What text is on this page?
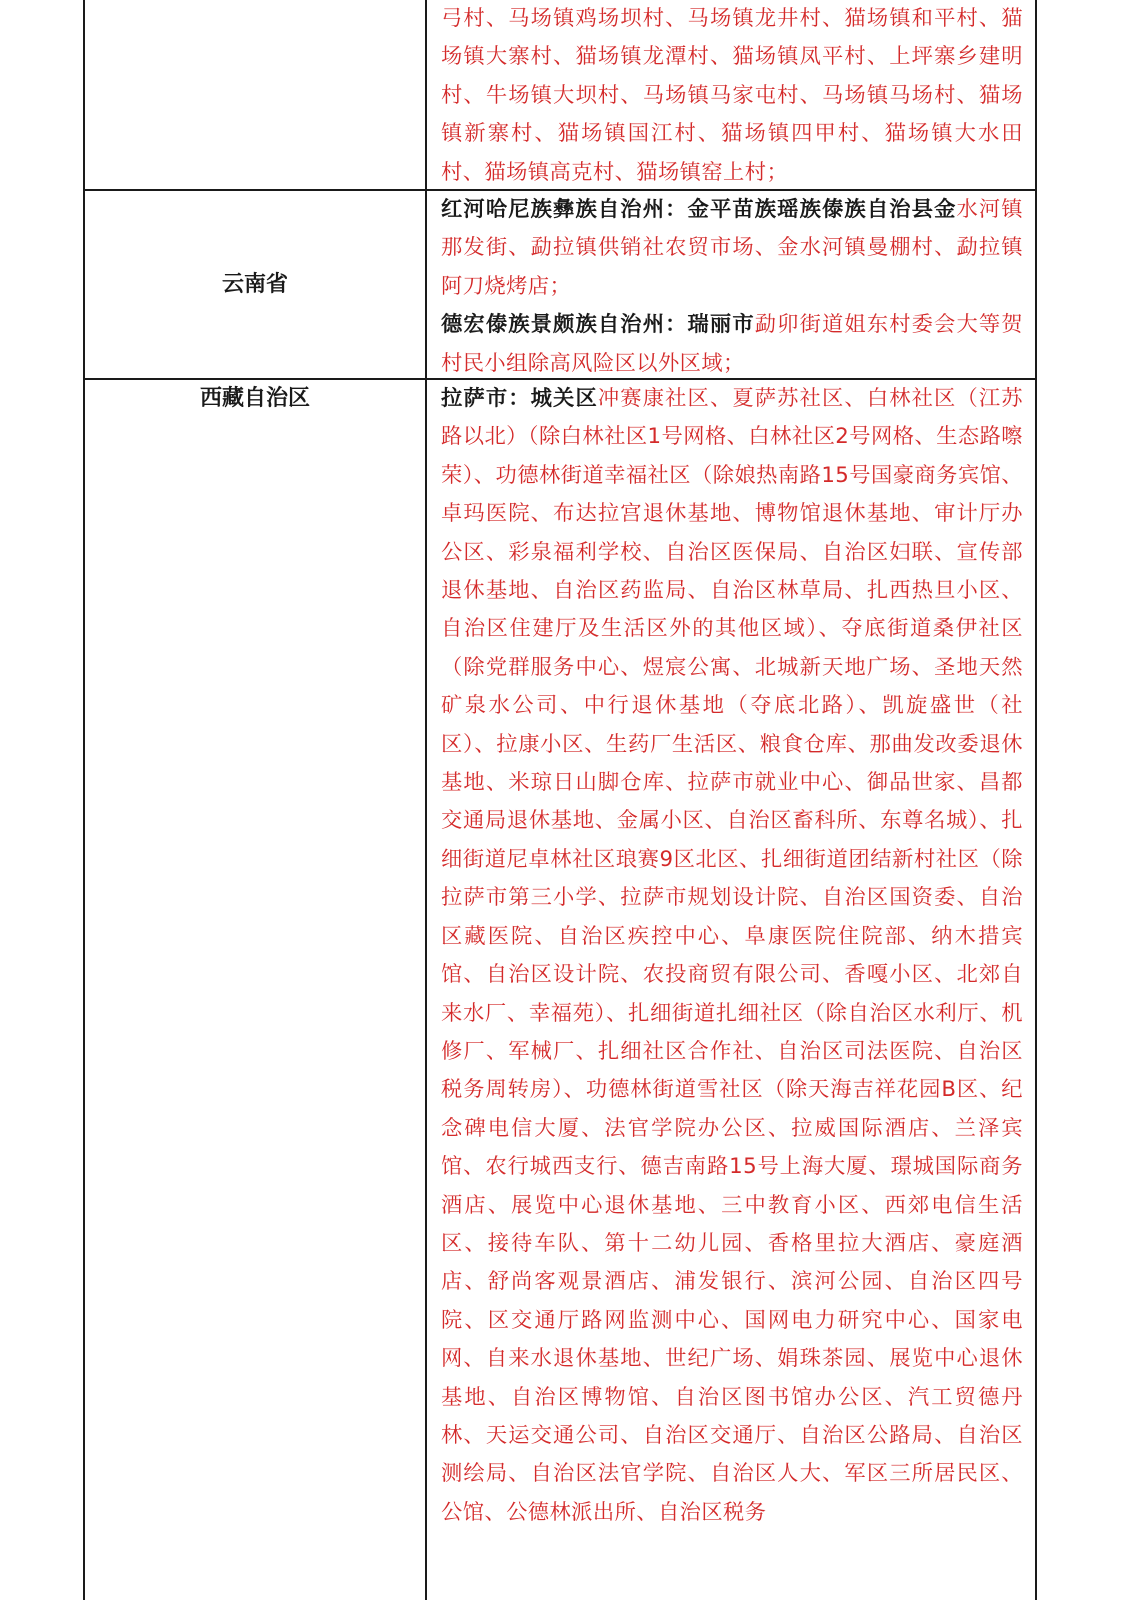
弓村、马场镇鸡场坝村、马场镇龙井村、猫场镇和平村、猫场镇大寨村、猫场镇龙潭村、猫场镇凤平村、上坪寨乡建明村、牛场镇大坝村、马场镇马家屯村、马场镇马场村、猫场镇新寨村、猫场镇国江村、猫场镇四甲村、猫场镇大水田村、猫场镇高克村、猫场镇窑上村；

云南省

红河哈尼族彝族自治州：金平苗族瑶族傣族自治县金水河镇那发街、勐拉镇供销社农贸市场、金水河镇曼棚村、勐拉镇阿刀烧烤店；

德宏傣族景颇族自治州：瑞丽市勐卯街道姐东村委会大等贺村民小组除高风险区以外区域；

西藏自治区	拉萨市：城关区冲赛康社区、夏萨苏社区、白林社区（江苏路以北）（除白林社区1号网格、白林社区2号网格、生态路嚓荣）、功德林街道幸福社区（除娘热南路15号国豪商务宾馆、卓玛医院、布达拉宫退休基地、博物馆退休基地、审计厅办公区、彩泉福利学校、自治区医保局、自治区妇联、宣传部退休基地、自治区药监局、自治区林草局、扎西热旦小区、自治区住建厅及生活区外的其他区域）、夺底街道桑伊社区（除党群服务中心、煜宸公寓、北城新天地广场、圣地天然矿泉水公司、中行退休基地（夺底北路）、凯旋盛世（社区）、拉康小区、生药厂生活区、粮食仓库、那曲发改委退休基地、米琼日山脚仓库、拉萨市就业中心、御品世家、昌都交通局退休基地、金属小区、自治区畜科所、东尊名城）、扎细街道尼卓林社区琅赛9区北区、扎细街道团结新村社区（除拉萨市第三小学、拉萨市规划设计院、自治区国资委、自治区藏医院、自治区疾控中心、阜康医院住院部、纳木措宾馆、自治区设计院、农投商贸有限公司、香嘎小区、北郊自来水厂、幸福苑）、扎细街道扎细社区（除自治区水利厅、机修厂、军械厂、扎细社区合作社、自治区司法医院、自治区税务周转房）、功德林街道雪社区（除天海吉祥花园B区、纪念碑电信大厦、法官学院办公区、拉威国际酒店、兰泽宾馆、农行城西支行、德吉南路15号上海大厦、璟城国际商务酒店、展览中心退休基地、三中教育小区、西郊电信生活区、接待车队、第十二幼儿园、香格里拉大酒店、豪庭酒店、舒尚客观景酒店、浦发银行、滨河公园、自治区四号院、区交通厅路网监测中心、国网电力研究中心、国家电网、自来水退休基地、世纪广场、娟珠茶园、展览中心退休基地、自治区博物馆、自治区图书馆办公区、汽工贸德丹林、天运交通公司、自治区交通厅、自治区公路局、自治区测绘局、自治区法官学院、自治区人大、军区三所居民区、公馆、公德林派出所、自治区税务
